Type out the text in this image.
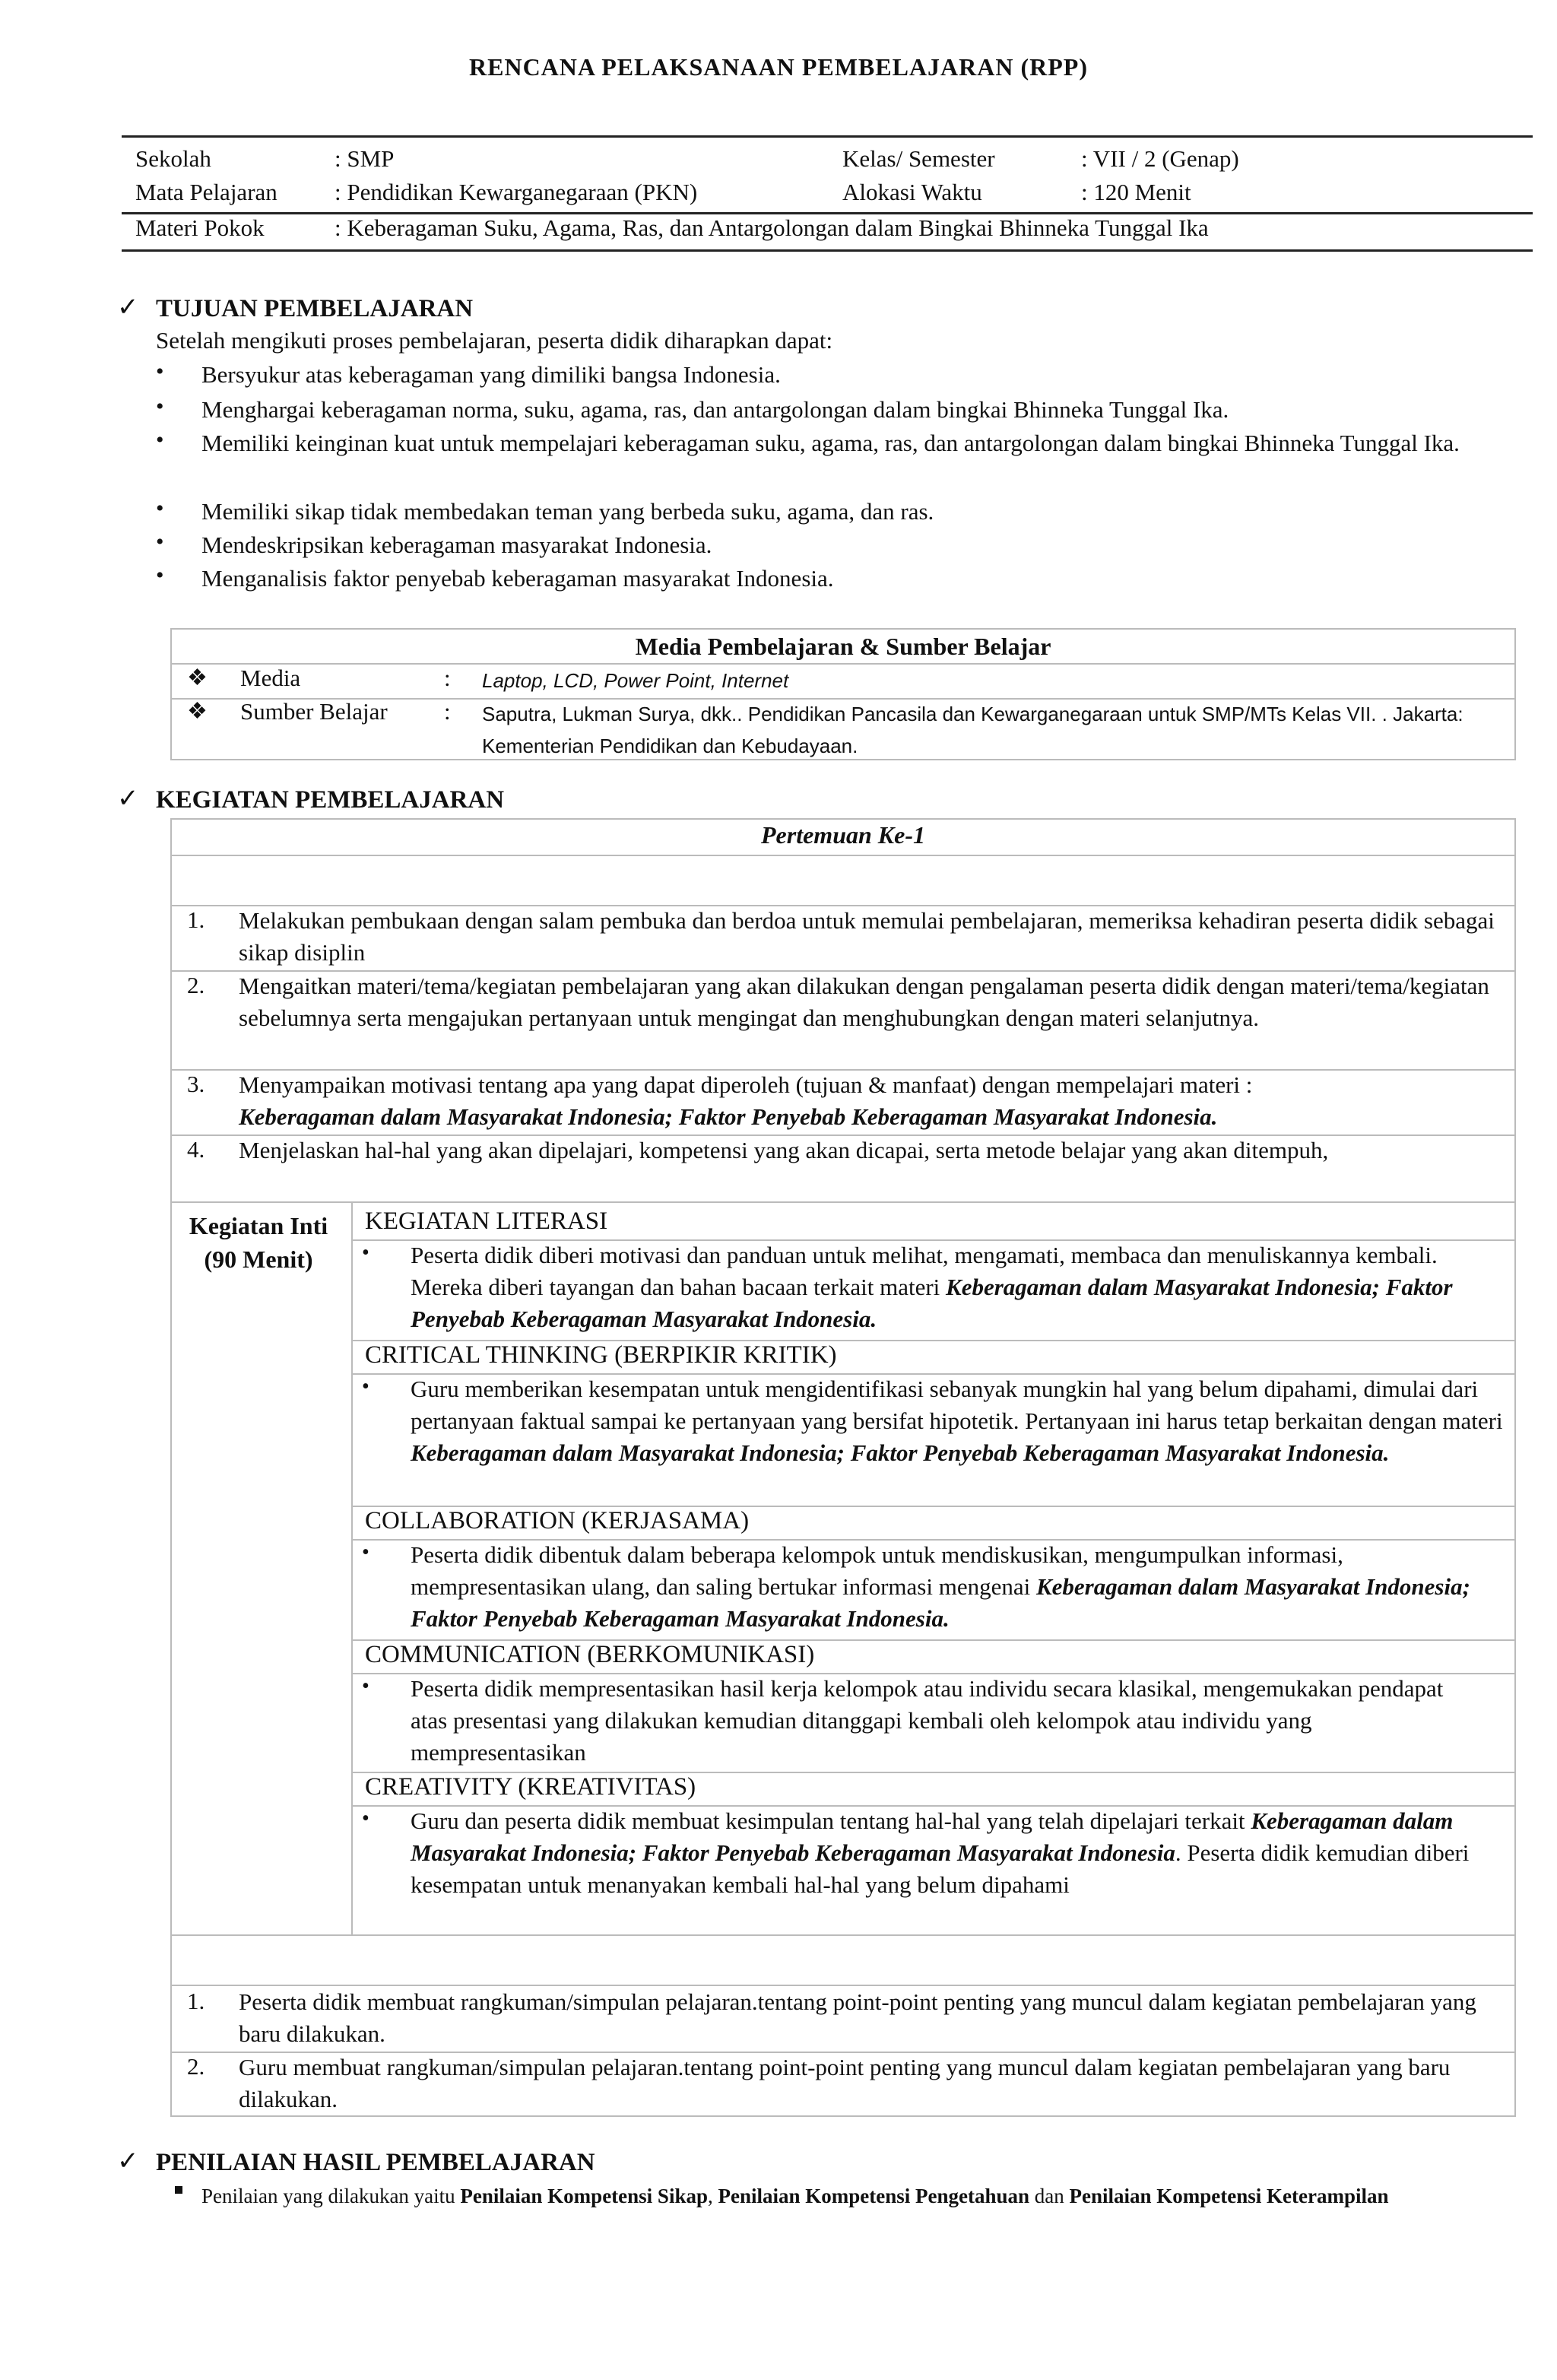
RENCANA PELAKSANAAN PEMBELAJARAN (RPP)
Sekolah	: SMP	Kelas/ Semester	: VII / 2 (Genap)
Mata Pelajaran : Pendidikan Kewarganegaraan (PKN)	Alokasi Waktu	: 120 Menit
Materi Pokok	: Keberagaman Suku, Agama, Ras, dan Antargolongan dalam Bingkai Bhinneka Tunggal Ika
✓ TUJUAN PEMBELAJARAN
Setelah mengikuti proses pembelajaran, peserta didik diharapkan dapat:
• Bersyukur atas keberagaman yang dimiliki bangsa Indonesia.
• Menghargai keberagaman norma, suku, agama, ras, dan antargolongan dalam bingkai Bhinneka Tunggal Ika.
• Memiliki keinginan kuat untuk mempelajari keberagaman suku, agama, ras, dan antargolongan dalam bingkai Bhinneka Tunggal Ika.
• Memiliki sikap tidak membedakan teman yang berbeda suku, agama, dan ras.
• Mendeskripsikan keberagaman masyarakat Indonesia.
• Menganalisis faktor penyebab keberagaman masyarakat Indonesia.
Media Pembelajaran & Sumber Belajar
❖ Media	: Laptop, LCD, Power Point, Internet
❖ Sumber Belajar : Saputra, Lukman Surya, dkk.. Pendidikan Pancasila dan Kewarganegaraan untuk SMP/MTs Kelas VII. . Jakarta: Kementerian Pendidikan dan Kebudayaan.
✓ KEGIATAN PEMBELAJARAN
Pertemuan Ke-1
1. Melakukan pembukaan dengan salam pembuka dan berdoa untuk memulai pembelajaran, memeriksa kehadiran peserta didik sebagai sikap disiplin
2. Mengaitkan materi/tema/kegiatan pembelajaran yang akan dilakukan dengan pengalaman peserta didik dengan materi/tema/kegiatan sebelumnya serta mengajukan pertanyaan untuk mengingat dan menghubungkan dengan materi selanjutnya.
3. Menyampaikan motivasi tentang apa yang dapat diperoleh (tujuan & manfaat) dengan mempelajari materi :
Keberagaman dalam Masyarakat Indonesia; Faktor Penyebab Keberagaman Masyarakat Indonesia.
4. Menjelaskan hal-hal yang akan dipelajari, kompetensi yang akan dicapai, serta metode belajar yang akan ditempuh,
Kegiatan Inti (90 Menit)
KEGIATAN LITERASI
• Peserta didik diberi motivasi dan panduan untuk melihat, mengamati, membaca dan menuliskannya kembali. Mereka diberi tayangan dan bahan bacaan terkait materi Keberagaman dalam Masyarakat Indonesia; Faktor Penyebab Keberagaman Masyarakat Indonesia.
CRITICAL THINKING (BERPIKIR KRITIK)
• Guru memberikan kesempatan untuk mengidentifikasi sebanyak mungkin hal yang belum dipahami, dimulai dari pertanyaan faktual sampai ke pertanyaan yang bersifat hipotetik. Pertanyaan ini harus tetap berkaitan dengan materi Keberagaman dalam Masyarakat Indonesia; Faktor Penyebab Keberagaman Masyarakat Indonesia.
COLLABORATION (KERJASAMA)
• Peserta didik dibentuk dalam beberapa kelompok untuk mendiskusikan, mengumpulkan informasi, mempresentasikan ulang, dan saling bertukar informasi mengenai Keberagaman dalam Masyarakat Indonesia; Faktor Penyebab Keberagaman Masyarakat Indonesia.
COMMUNICATION (BERKOMUNIKASI)
• Peserta didik mempresentasikan hasil kerja kelompok atau individu secara klasikal, mengemukakan pendapat atas presentasi yang dilakukan kemudian ditanggapi kembali oleh kelompok atau individu yang mempresentasikan
CREATIVITY (KREATIVITAS)
• Guru dan peserta didik membuat kesimpulan tentang hal-hal yang telah dipelajari terkait Keberagaman dalam Masyarakat Indonesia; Faktor Penyebab Keberagaman Masyarakat Indonesia. Peserta didik kemudian diberi kesempatan untuk menanyakan kembali hal-hal yang belum dipahami
1. Peserta didik membuat rangkuman/simpulan pelajaran.tentang point-point penting yang muncul dalam kegiatan pembelajaran yang baru dilakukan.
2. Guru membuat rangkuman/simpulan pelajaran.tentang point-point penting yang muncul dalam kegiatan pembelajaran yang baru dilakukan.
✓ PENILAIAN HASIL PEMBELAJARAN
Penilaian yang dilakukan yaitu Penilaian Kompetensi Sikap, Penilaian Kompetensi Pengetahuan dan Penilaian Kompetensi Keterampilan
